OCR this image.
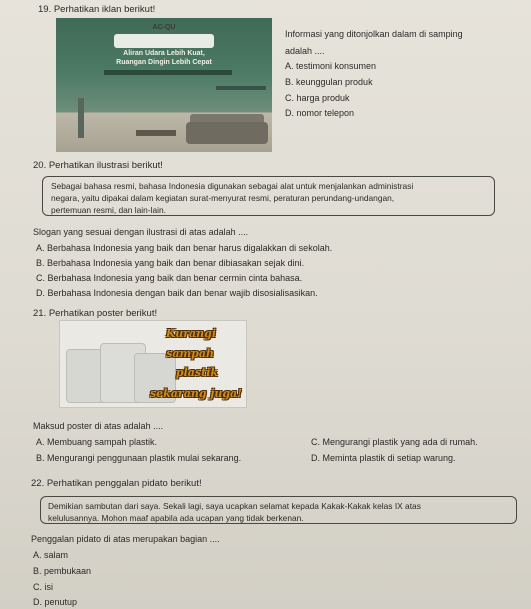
19. Perhatikan iklan berikut!
AC-QU
Aliran Udara Lebih Kuat,
Ruangan Dingin Lebih Cepat
Informasi yang ditonjolkan dalam di samping
adalah ....
A. testimoni konsumen
B. keunggulan produk
C. harga produk
D. nomor telepon
20. Perhatikan ilustrasi berikut!
Sebagai bahasa resmi, bahasa Indonesia digunakan sebagai alat untuk menjalankan administrasi
negara, yaitu dipakai dalam kegiatan surat-menyurat resmi, peraturan perundang-undangan,
pertemuan resmi, dan lain-lain.
Slogan yang sesuai dengan ilustrasi di atas adalah ....
A. Berbahasa Indonesia yang baik dan benar harus digalakkan di sekolah.
B. Berbahasa Indonesia yang baik dan benar dibiasakan sejak dini.
C. Berbahasa Indonesia yang baik dan benar cermin cinta bahasa.
D. Berbahasa Indonesia dengan baik dan benar wajib disosialisasikan.
21. Perhatikan poster berikut!
Kurangi
sampah
plastik
sekarang juga!
Maksud poster di atas adalah ....
A. Membuang sampah plastik.	C. Mengurangi plastik yang ada di rumah.
B. Mengurangi penggunaan plastik mulai sekarang.	D. Meminta plastik di setiap warung.
22. Perhatikan penggalan pidato berikut!
Demikian sambutan dari saya. Sekali lagi, saya ucapkan selamat kepada Kakak-Kakak kelas IX atas
kelulusannya. Mohon maaf apabila ada ucapan yang tidak berkenan.
Penggalan pidato di atas merupakan bagian ....
A. salam
B. pembukaan
C. isi
D. penutup
